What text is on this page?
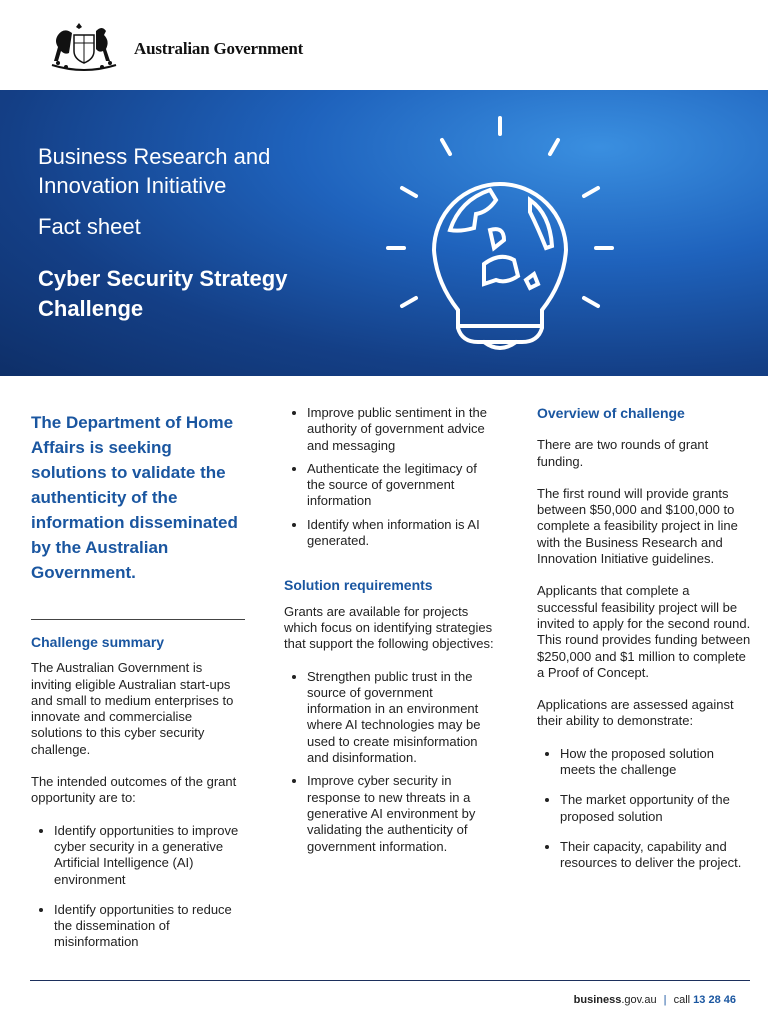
Australian Government
Business Research and
Innovation Initiative
Fact sheet
Cyber Security Strategy
Challenge

The Department of Home Affairs is seeking solutions to validate the authenticity of the information disseminated by the Australian Government.

Challenge summary

The Australian Government is inviting eligible Australian start-ups and small to medium enterprises to innovate and commercialise solutions to this cyber security challenge.

The intended outcomes of the grant opportunity are to:

• Identify opportunities to improve cyber security in a generative Artificial Intelligence (AI) environment
• Identify opportunities to reduce the dissemination of misinformation
• Improve public sentiment in the authority of government advice and messaging
• Authenticate the legitimacy of the source of government information
• Identify when information is AI generated.
Solution requirements

Grants are available for projects which focus on identifying strategies that support the following objectives:

• Strengthen public trust in the source of government information in an environment where AI technologies may be used to create misinformation and disinformation.
• Improve cyber security in response to new threats in a generative AI environment by validating the authenticity of government information.
Overview of challenge

There are two rounds of grant funding.

The first round will provide grants between $50,000 and $100,000 to complete a feasibility project in line with the Business Research and Innovation Initiative guidelines.

Applicants that complete a successful feasibility project will be invited to apply for the second round. This round provides funding between $250,000 and $1 million to complete a Proof of Concept.

Applications are assessed against their ability to demonstrate:

• How the proposed solution meets the challenge
• The market opportunity of the proposed solution
• Their capacity, capability and resources to deliver the project.
business.gov.au | call 13 28 46
